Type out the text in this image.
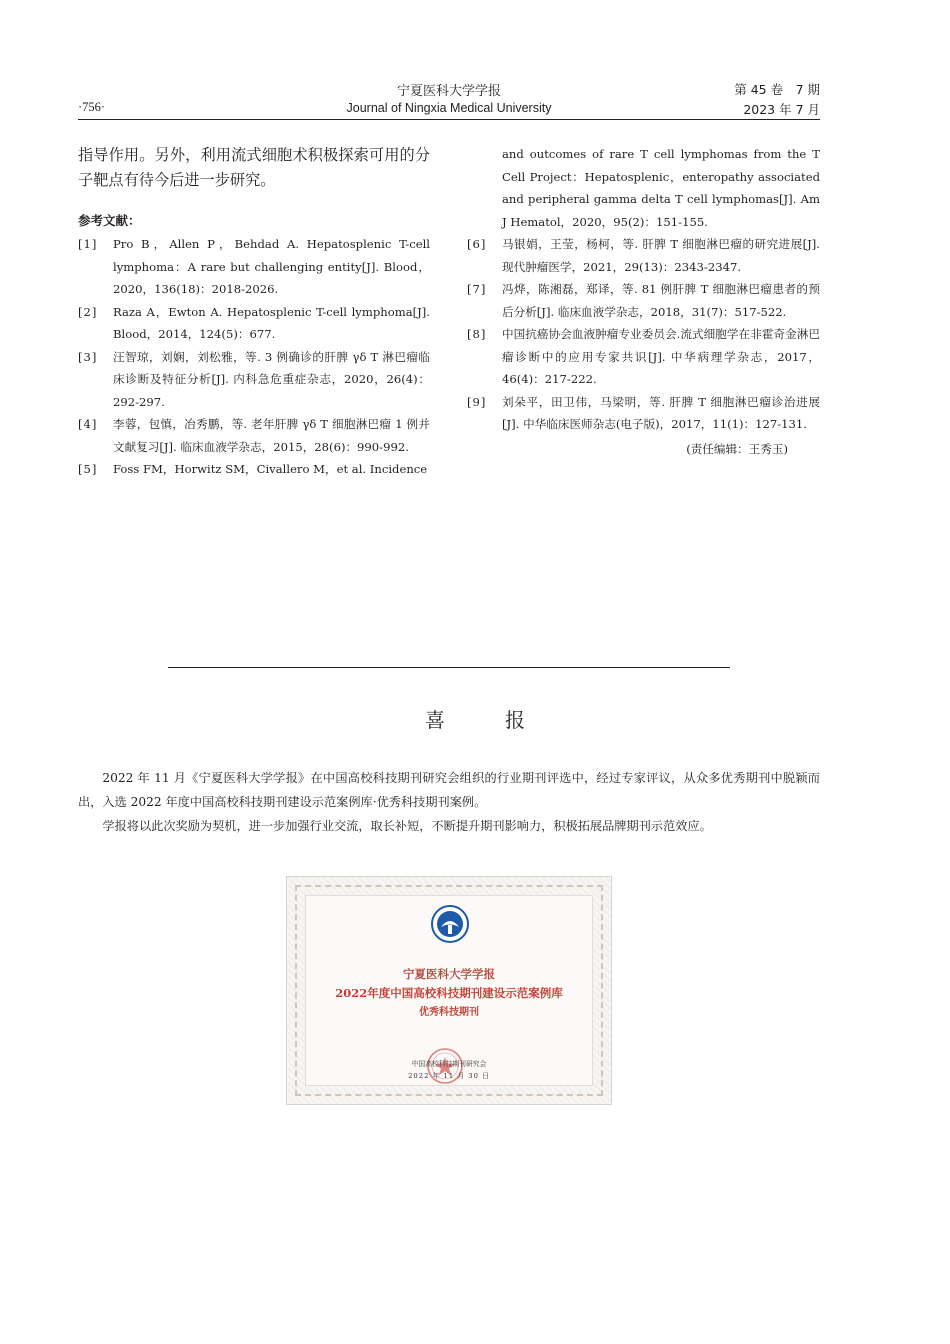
·756·
宁夏医科大学学报
Journal of Ningxia Medical University
第 45 卷　7 期
2023 年 7 月

指导作用。另外，利用流式细胞术积极探索可用的分子靶点有待今后进一步研究。

参考文献：
[1]	Pro B，Allen P，Behdad A. Hepatosplenic T-cell lymphoma：A rare but challenging entity[J]. Blood，2020，136(18)：2018-2026.
[2]	Raza A，Ewton A. Hepatosplenic T-cell lymphoma[J]. Blood，2014，124(5)：677.
[3]	汪智琼，刘娴，刘松雅，等. 3 例确诊的肝脾 γδ T 淋巴瘤临床诊断及特征分析[J]. 内科急危重症杂志，2020，26(4)：292-297.
[4]	李蓉，包慎，冶秀鹏，等. 老年肝脾 γδ T 细胞淋巴瘤 1 例并文献复习[J]. 临床血液学杂志，2015，28(6)：990-992.
[5]	Foss FM，Horwitz SM，Civallero M，et al. Incidence
and outcomes of rare T cell lymphomas from the T Cell Project：Hepatosplenic，enteropathy associated and peripheral gamma delta T cell lymphomas[J]. Am J Hematol，2020，95(2)：151-155.
[6]	马银娟，王莹，杨柯，等. 肝脾 T 细胞淋巴瘤的研究进展[J]. 现代肿瘤医学，2021，29(13)：2343-2347.
[7]	冯烨，陈湘磊，郑译，等. 81 例肝脾 T 细胞淋巴瘤患者的预后分析[J]. 临床血液学杂志，2018，31(7)：517-522.
[8]	中国抗癌协会血液肿瘤专业委员会.流式细胞学在非霍奇金淋巴瘤诊断中的应用专家共识[J]. 中华病理学杂志，2017，46(4)：217-222.
[9]	刘朵平，田卫伟，马梁明，等. 肝脾 T 细胞淋巴瘤诊治进展[J]. 中华临床医师杂志(电子版)，2017，11(1)：127-131.
(责任编辑：王秀玉)
喜　报

2022 年 11 月《宁夏医科大学学报》在中国高校科技期刊研究会组织的行业期刊评选中，经过专家评议，从众多优秀期刊中脱颖而出，入选 2022 年度中国高校科技期刊建设示范案例库·优秀科技期刊案例。

学报将以此次奖励为契机，进一步加强行业交流，取长补短，不断提升期刊影响力，积极拓展品牌期刊示范效应。

宁夏医科大学学报
2022年度中国高校科技期刊建设示范案例库
优秀科技期刊
中国高校科技期刊研究会
2022 年 11 月 30 日
